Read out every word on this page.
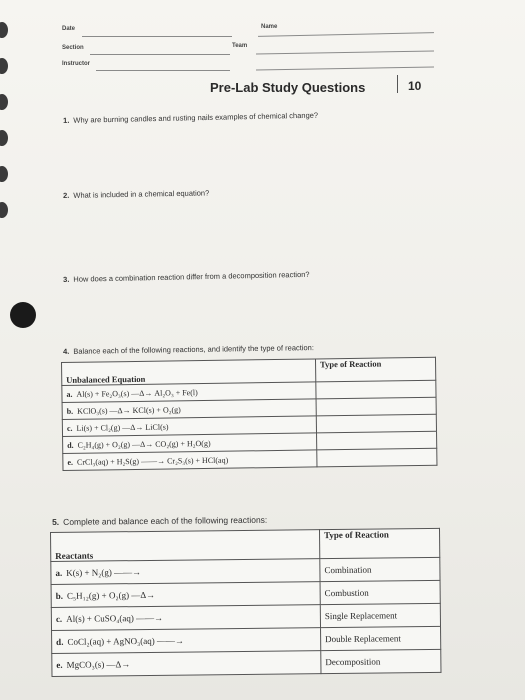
Date	Name
Section	Team
Instructor
Pre-Lab Study Questions	10
1. Why are burning candles and rusting nails examples of chemical change?
2. What is included in a chemical equation?
3. How does a combination reaction differ from a decomposition reaction?
4. Balance each of the following reactions, and identify the type of reaction:
Unbalanced Equation	Type of Reaction
a. Al(s) + Fe₂O₃(s) —Δ→ Al₂O₃ + Fe(l)	
b. KClO₃(s) —Δ→ KCl(s) + O₂(g)	
c. Li(s) + Cl₂(g) —Δ→ LiCl(s)	
d. C₂H₄(g) + O₂(g) —Δ→ CO₂(g) + H₂O(g)	
e. CrCl₃(aq) + H₂S(g) ——→ Cr₂S₃(s) + HCl(aq)	
5. Complete and balance each of the following reactions:
Reactants	Type of Reaction
a. K(s) + N₂(g) ——→	Combination
b. C₅H₁₂(g) + O₂(g) —Δ→	Combustion
c. Al(s) + CuSO₄(aq) ——→	Single Replacement
d. CoCl₂(aq) + AgNO₃(aq) ——→	Double Replacement
e. MgCO₃(s) —Δ→	Decomposition
